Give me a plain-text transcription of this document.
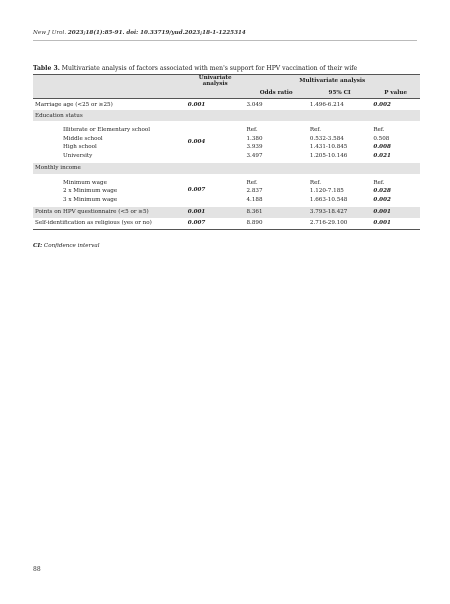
New J Urol. 2023;18(1):85-91. doi: 10.33719/yud.2023;18-1-1225314
Table 3. Multivariate analysis of factors associated with men's support for HPV vaccination of their wife
	Univariate analysis	Multivariate analysis		
		Odds ratio	95% CI	P value
Marriage age (<25 or ≥25)	0.001	3.049	1.496-6.214	0.002
Education status				
Illiterate or Elementary school	0.004	Ref.	Ref.	Ref.
Middle school		1.380	0.532-3.584	0.508
High school		3.939	1.431-10.845	0.008
University		3.497	1.205-10.146	0.021
Monthly income				
Minimum wage	0.007	Ref.	Ref.	Ref.
2 x Minimum wage		2.837	1.120-7.185	0.028
3 x Minimum wage		4.188	1.663-10.548	0.002
Points on HPV questionnaire (<5 or ≥5)	0.001	8.361	3.793-18.427	0.001
Self-identification as religious (yes or no)	0.007	8.890	2.716-29.100	0.001
CI: Confidence interval
88
